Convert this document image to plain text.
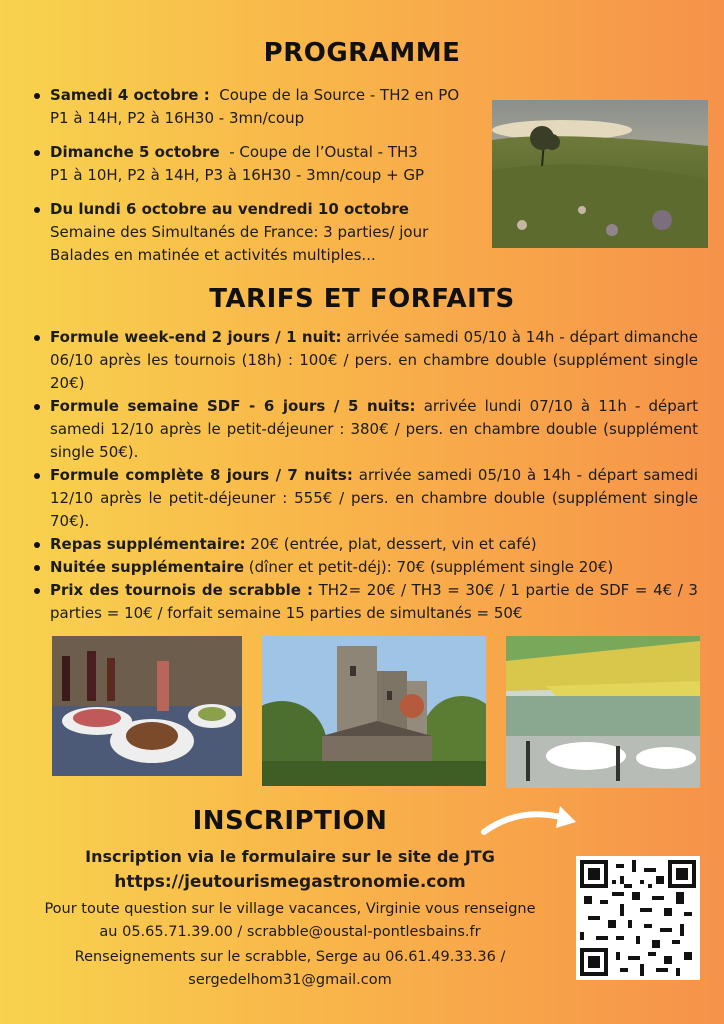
PROGRAMME
Samedi 4 octobre : Coupe de la Source - TH2 en PO
P1 à 14H, P2 à 16H30 - 3mn/coup
Dimanche 5 octobre - Coupe de l’Oustal - TH3
P1 à 10H, P2 à 14H, P3 à 16H30 - 3mn/coup + GP
Du lundi 6 octobre au vendredi 10 octobre
Semaine des Simultanés de France: 3 parties/ jour
Balades en matinée et activités multiples...
TARIFS ET FORFAITS
Formule week-end 2 jours / 1 nuit: arrivée samedi 05/10 à 14h - départ dimanche 06/10 après les tournois (18h) : 100€ / pers. en chambre double (supplément single 20€)
Formule semaine SDF - 6 jours / 5 nuits: arrivée lundi 07/10 à 11h - départ samedi 12/10 après le petit-déjeuner : 380€ / pers. en chambre double (supplément single 50€).
Formule complète 8 jours / 7 nuits: arrivée samedi 05/10 à 14h - départ samedi 12/10 après le petit-déjeuner : 555€ / pers. en chambre double (supplément single 70€).
Repas supplémentaire: 20€ (entrée, plat, dessert, vin et café)
Nuitée supplémentaire (dîner et petit-déj): 70€ (supplément single 20€)
Prix des tournois de scrabble : TH2= 20€ / TH3 = 30€ / 1 partie de SDF = 4€ / 3 parties = 10€ / forfait semaine 15 parties de simultanés = 50€
INSCRIPTION
Inscription via le formulaire sur le site de JTG
https://jeutourismegastronomie.com
Pour toute question sur le village vacances, Virginie vous renseigne au 05.65.71.39.00 / scrabble@oustal-pontlesbains.fr
Renseignements sur le scrabble, Serge au 06.61.49.33.36 / sergedelhom31@gmail.com
